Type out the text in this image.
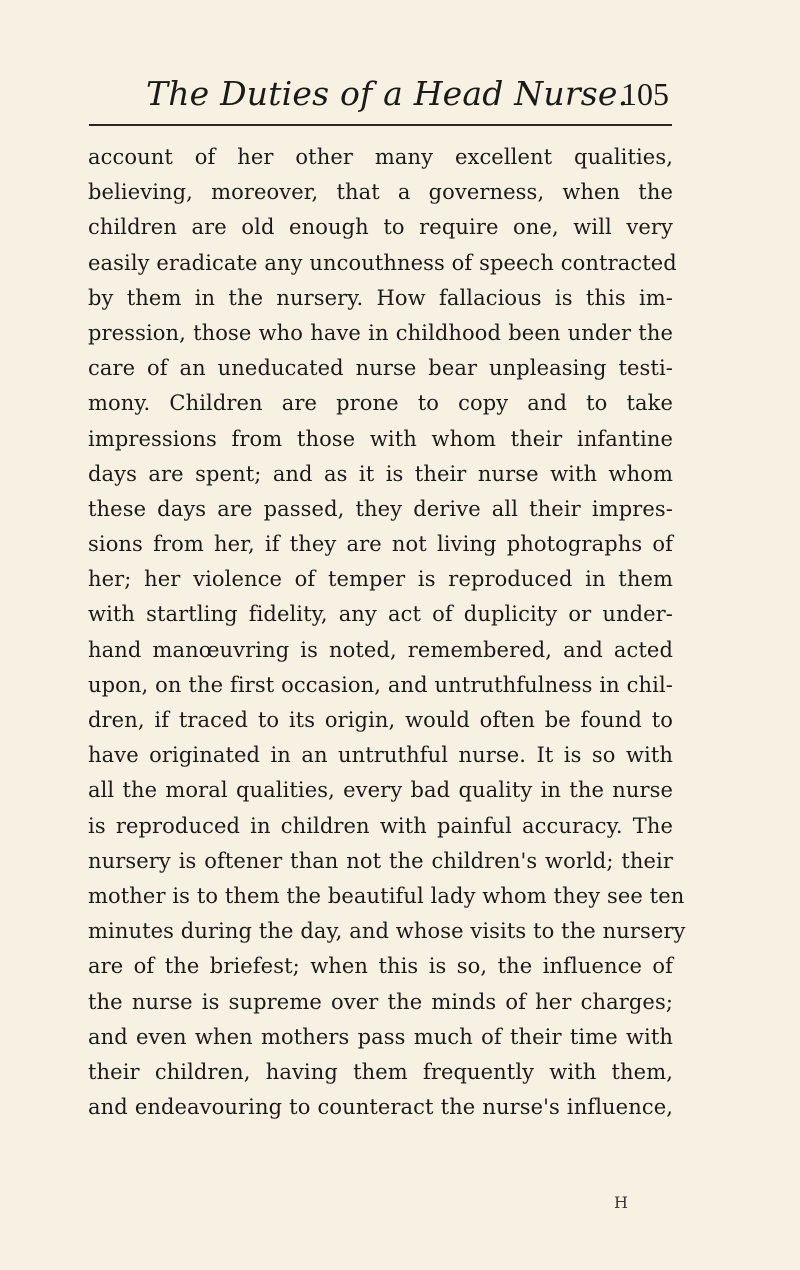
The Duties of a Head Nurse.
105
account of her other many excellent qualities,
believing, moreover, that a governess, when the
children are old enough to require one, will very
easily eradicate any uncouthness of speech contracted
by them in the nursery. How fallacious is this im-
pression, those who have in childhood been under the
care of an uneducated nurse bear unpleasing testi-
mony. Children are prone to copy and to take
impressions from those with whom their infantine
days are spent; and as it is their nurse with whom
these days are passed, they derive all their impres-
sions from her, if they are not living photographs of
her; her violence of temper is reproduced in them
with startling fidelity, any act of duplicity or under-
hand manœuvring is noted, remembered, and acted
upon, on the first occasion, and untruthfulness in chil-
dren, if traced to its origin, would often be found to
have originated in an untruthful nurse. It is so with
all the moral qualities, every bad quality in the nurse
is reproduced in children with painful accuracy. The
nursery is oftener than not the children's world; their
mother is to them the beautiful lady whom they see ten
minutes during the day, and whose visits to the nursery
are of the briefest; when this is so, the influence of
the nurse is supreme over the minds of her charges;
and even when mothers pass much of their time with
their children, having them frequently with them,
and endeavouring to counteract the nurse's influence,
H
